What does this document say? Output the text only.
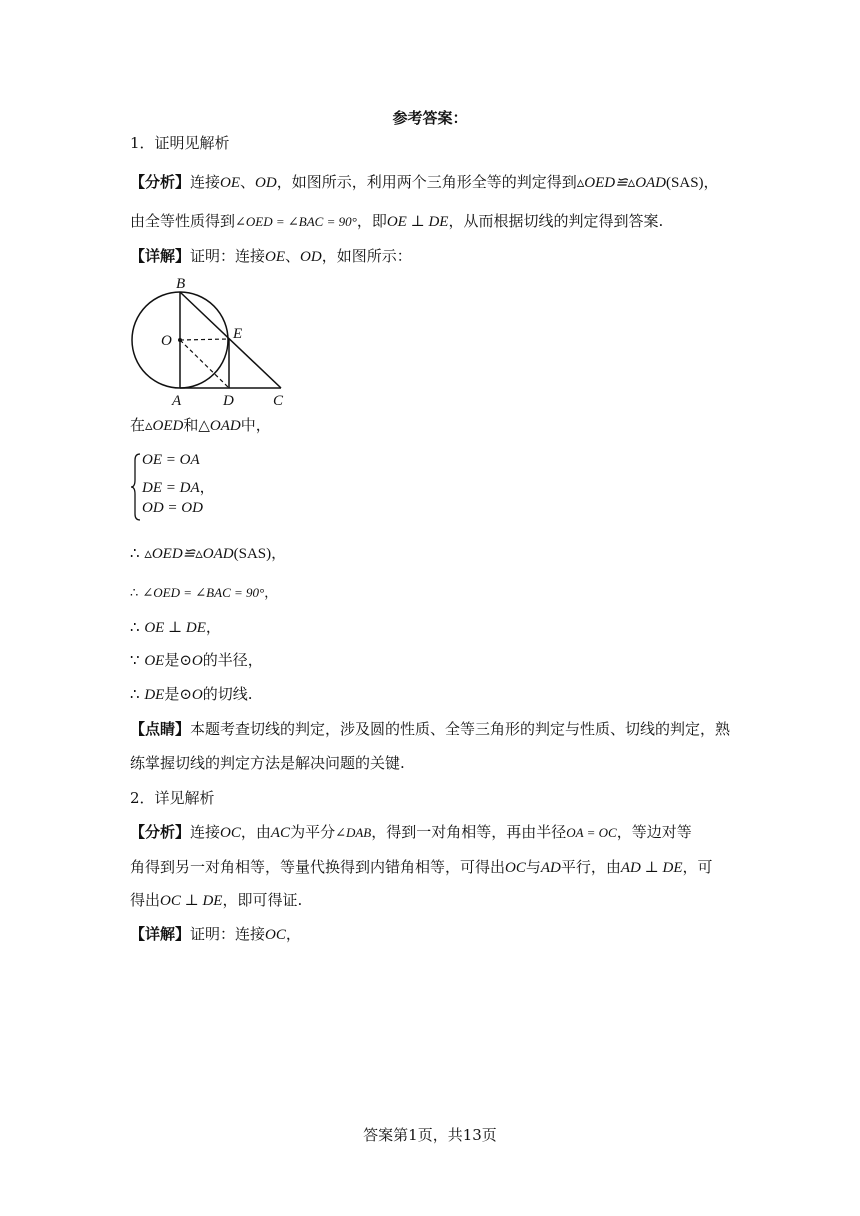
参考答案：
1．证明见解析
【分析】连接OE、OD，如图所示，利用两个三角形全等的判定得到▵OED≌▵OAD(SAS)，
由全等性质得到∠OED = ∠BAC = 90°，即OE ⊥ DE，从而根据切线的判定得到答案.
【详解】证明：连接OE、OD，如图所示：
B
O	E
A	D	C
在▵OED和△OAD中，
OE = OA
DE = DA，
OD = OD
∴ ▵OED≌▵OAD(SAS)，
∴ ∠OED = ∠BAC = 90°，
∴ OE ⊥ DE，
∵ OE是⊙O的半径，
∴ DE是⊙O的切线.
【点睛】本题考查切线的判定，涉及圆的性质、全等三角形的判定与性质、切线的判定，熟
练掌握切线的判定方法是解决问题的关键.
2．详见解析
【分析】连接OC，由AC为平分∠DAB，得到一对角相等，再由半径OA = OC，等边对等
角得到另一对角相等，等量代换得到内错角相等，可得出OC与AD平行，由AD ⊥ DE，可
得出OC ⊥ DE，即可得证.
【详解】证明：连接OC，
答案第1页，共13页
